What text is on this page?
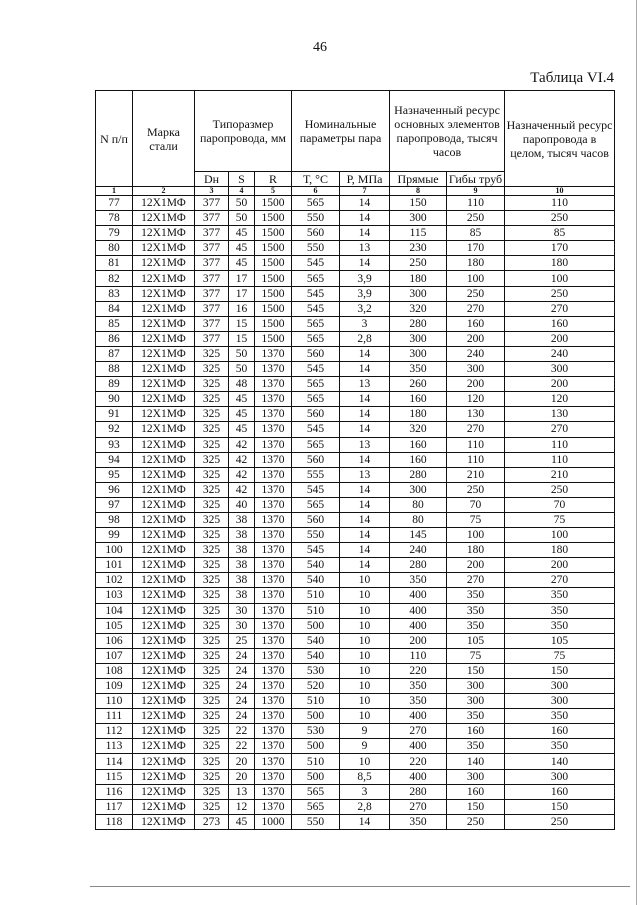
46
Таблица VI.4
N п/п	Марка стали	Типоразмер паропровода, мм			Номинальные параметры пара		Назначенный ресурс основных элементов паропровода, тысяч часов		Назначенный ресурс паропровода в целом, тысяч часов
		Dн	S	R	Т, °С	Р, МПа	Прямые	Гибы труб	
1	2	3	4	5	6	7	8	9	10
77	12Х1МФ	377	50	1500	565	14	150	110	110
78	12Х1МФ	377	50	1500	550	14	300	250	250
79	12Х1МФ	377	45	1500	560	14	115	85	85
80	12Х1МФ	377	45	1500	550	13	230	170	170
81	12Х1МФ	377	45	1500	545	14	250	180	180
82	12Х1МФ	377	17	1500	565	3,9	180	100	100
83	12Х1МФ	377	17	1500	545	3,9	300	250	250
84	12Х1МФ	377	16	1500	545	3,2	320	270	270
85	12Х1МФ	377	15	1500	565	3	280	160	160
86	12Х1МФ	377	15	1500	565	2,8	300	200	200
87	12Х1МФ	325	50	1370	560	14	300	240	240
88	12Х1МФ	325	50	1370	545	14	350	300	300
89	12Х1МФ	325	48	1370	565	13	260	200	200
90	12Х1МФ	325	45	1370	565	14	160	120	120
91	12Х1МФ	325	45	1370	560	14	180	130	130
92	12Х1МФ	325	45	1370	545	14	320	270	270
93	12Х1МФ	325	42	1370	565	13	160	110	110
94	12Х1МФ	325	42	1370	560	14	160	110	110
95	12Х1МФ	325	42	1370	555	13	280	210	210
96	12Х1МФ	325	42	1370	545	14	300	250	250
97	12Х1МФ	325	40	1370	565	14	80	70	70
98	12Х1МФ	325	38	1370	560	14	80	75	75
99	12Х1МФ	325	38	1370	550	14	145	100	100
100	12Х1МФ	325	38	1370	545	14	240	180	180
101	12Х1МФ	325	38	1370	540	14	280	200	200
102	12Х1МФ	325	38	1370	540	10	350	270	270
103	12Х1МФ	325	38	1370	510	10	400	350	350
104	12Х1МФ	325	30	1370	510	10	400	350	350
105	12Х1МФ	325	30	1370	500	10	400	350	350
106	12Х1МФ	325	25	1370	540	10	200	105	105
107	12Х1МФ	325	24	1370	540	10	110	75	75
108	12Х1МФ	325	24	1370	530	10	220	150	150
109	12Х1МФ	325	24	1370	520	10	350	300	300
110	12Х1МФ	325	24	1370	510	10	350	300	300
111	12Х1МФ	325	24	1370	500	10	400	350	350
112	12Х1МФ	325	22	1370	530	9	270	160	160
113	12Х1МФ	325	22	1370	500	9	400	350	350
114	12Х1МФ	325	20	1370	510	10	220	140	140
115	12Х1МФ	325	20	1370	500	8,5	400	300	300
116	12Х1МФ	325	13	1370	565	3	280	160	160
117	12Х1МФ	325	12	1370	565	2,8	270	150	150
118	12Х1МФ	273	45	1000	550	14	350	250	250
